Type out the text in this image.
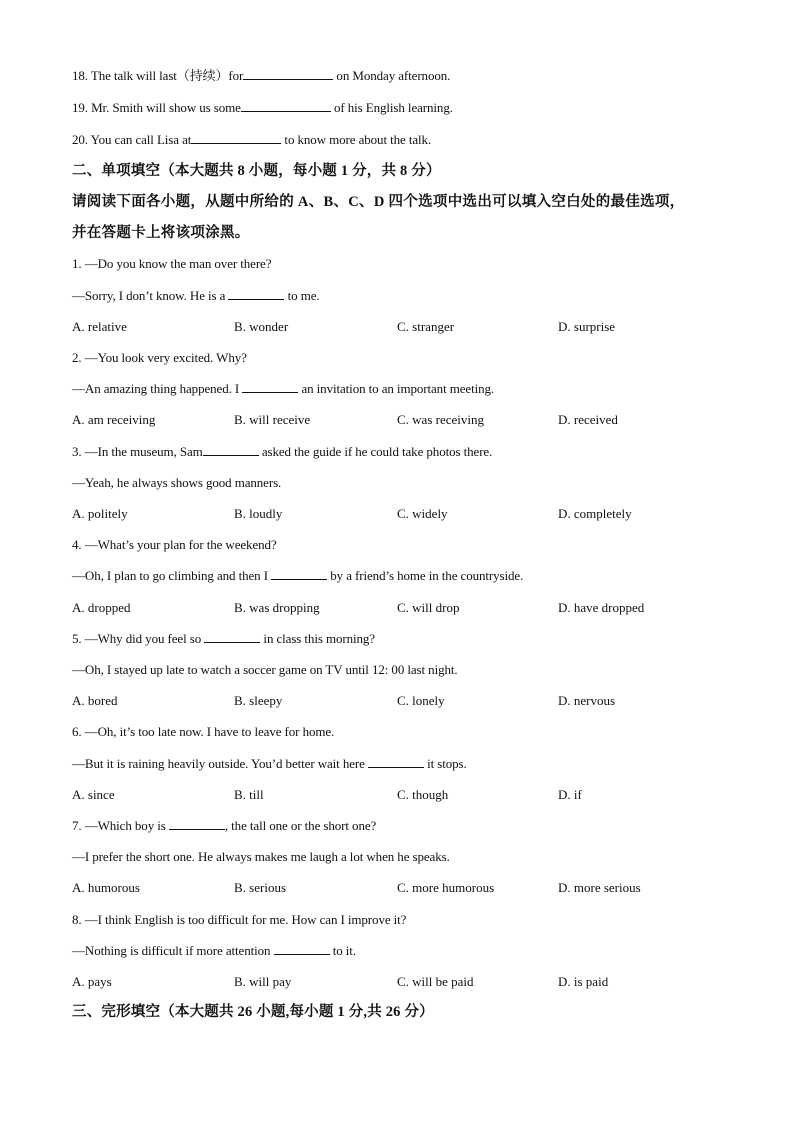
18. The talk will last（持续）for	on Monday afternoon.
19. Mr. Smith will show us some	of his English learning.
20. You can call Lisa at	to know more about the talk.
二、单项填空（本大题共 8 小题，每小题 1 分，共 8 分）
请阅读下面各小题，从题中所给的 A、B、C、D 四个选项中选出可以填入空白处的最佳选项，
并在答题卡上将该项涂黑。
1. —Do you know the man over there?
—Sorry, I don’t know. He is a	to me.
A. relative	B. wonder	C. stranger	D. surprise
2. —You look very excited. Why?
—An amazing thing happened. I	an invitation to an important meeting.
A. am receiving	B. will receive	C. was receiving	D. received
3. —In the museum, Sam	asked the guide if he could take photos there.
—Yeah, he always shows good manners.
A. politely	B. loudly	C. widely	D. completely
4. —What’s your plan for the weekend?
—Oh, I plan to go climbing and then I	by a friend’s home in the countryside.
A. dropped	B. was dropping	C. will drop	D. have dropped
5. —Why did you feel so	in class this morning?
—Oh, I stayed up late to watch a soccer game on TV until 12: 00 last night.
A. bored	B. sleepy	C. lonely	D. nervous
6. —Oh, it’s too late now. I have to leave for home.
—But it is raining heavily outside. You’d better wait here	it stops.
A. since	B. till	C. though	D. if
7. —Which boy is	, the tall one or the short one?
—I prefer the short one. He always makes me laugh a lot when he speaks.
A. humorous	B. serious	C. more humorous	D. more serious
8. —I think English is too difficult for me. How can I improve it?
—Nothing is difficult if more attention	to it.
A. pays	B. will pay	C. will be paid	D. is paid
三、完形填空（本大题共 26 小题,每小题 1 分,共 26 分）
